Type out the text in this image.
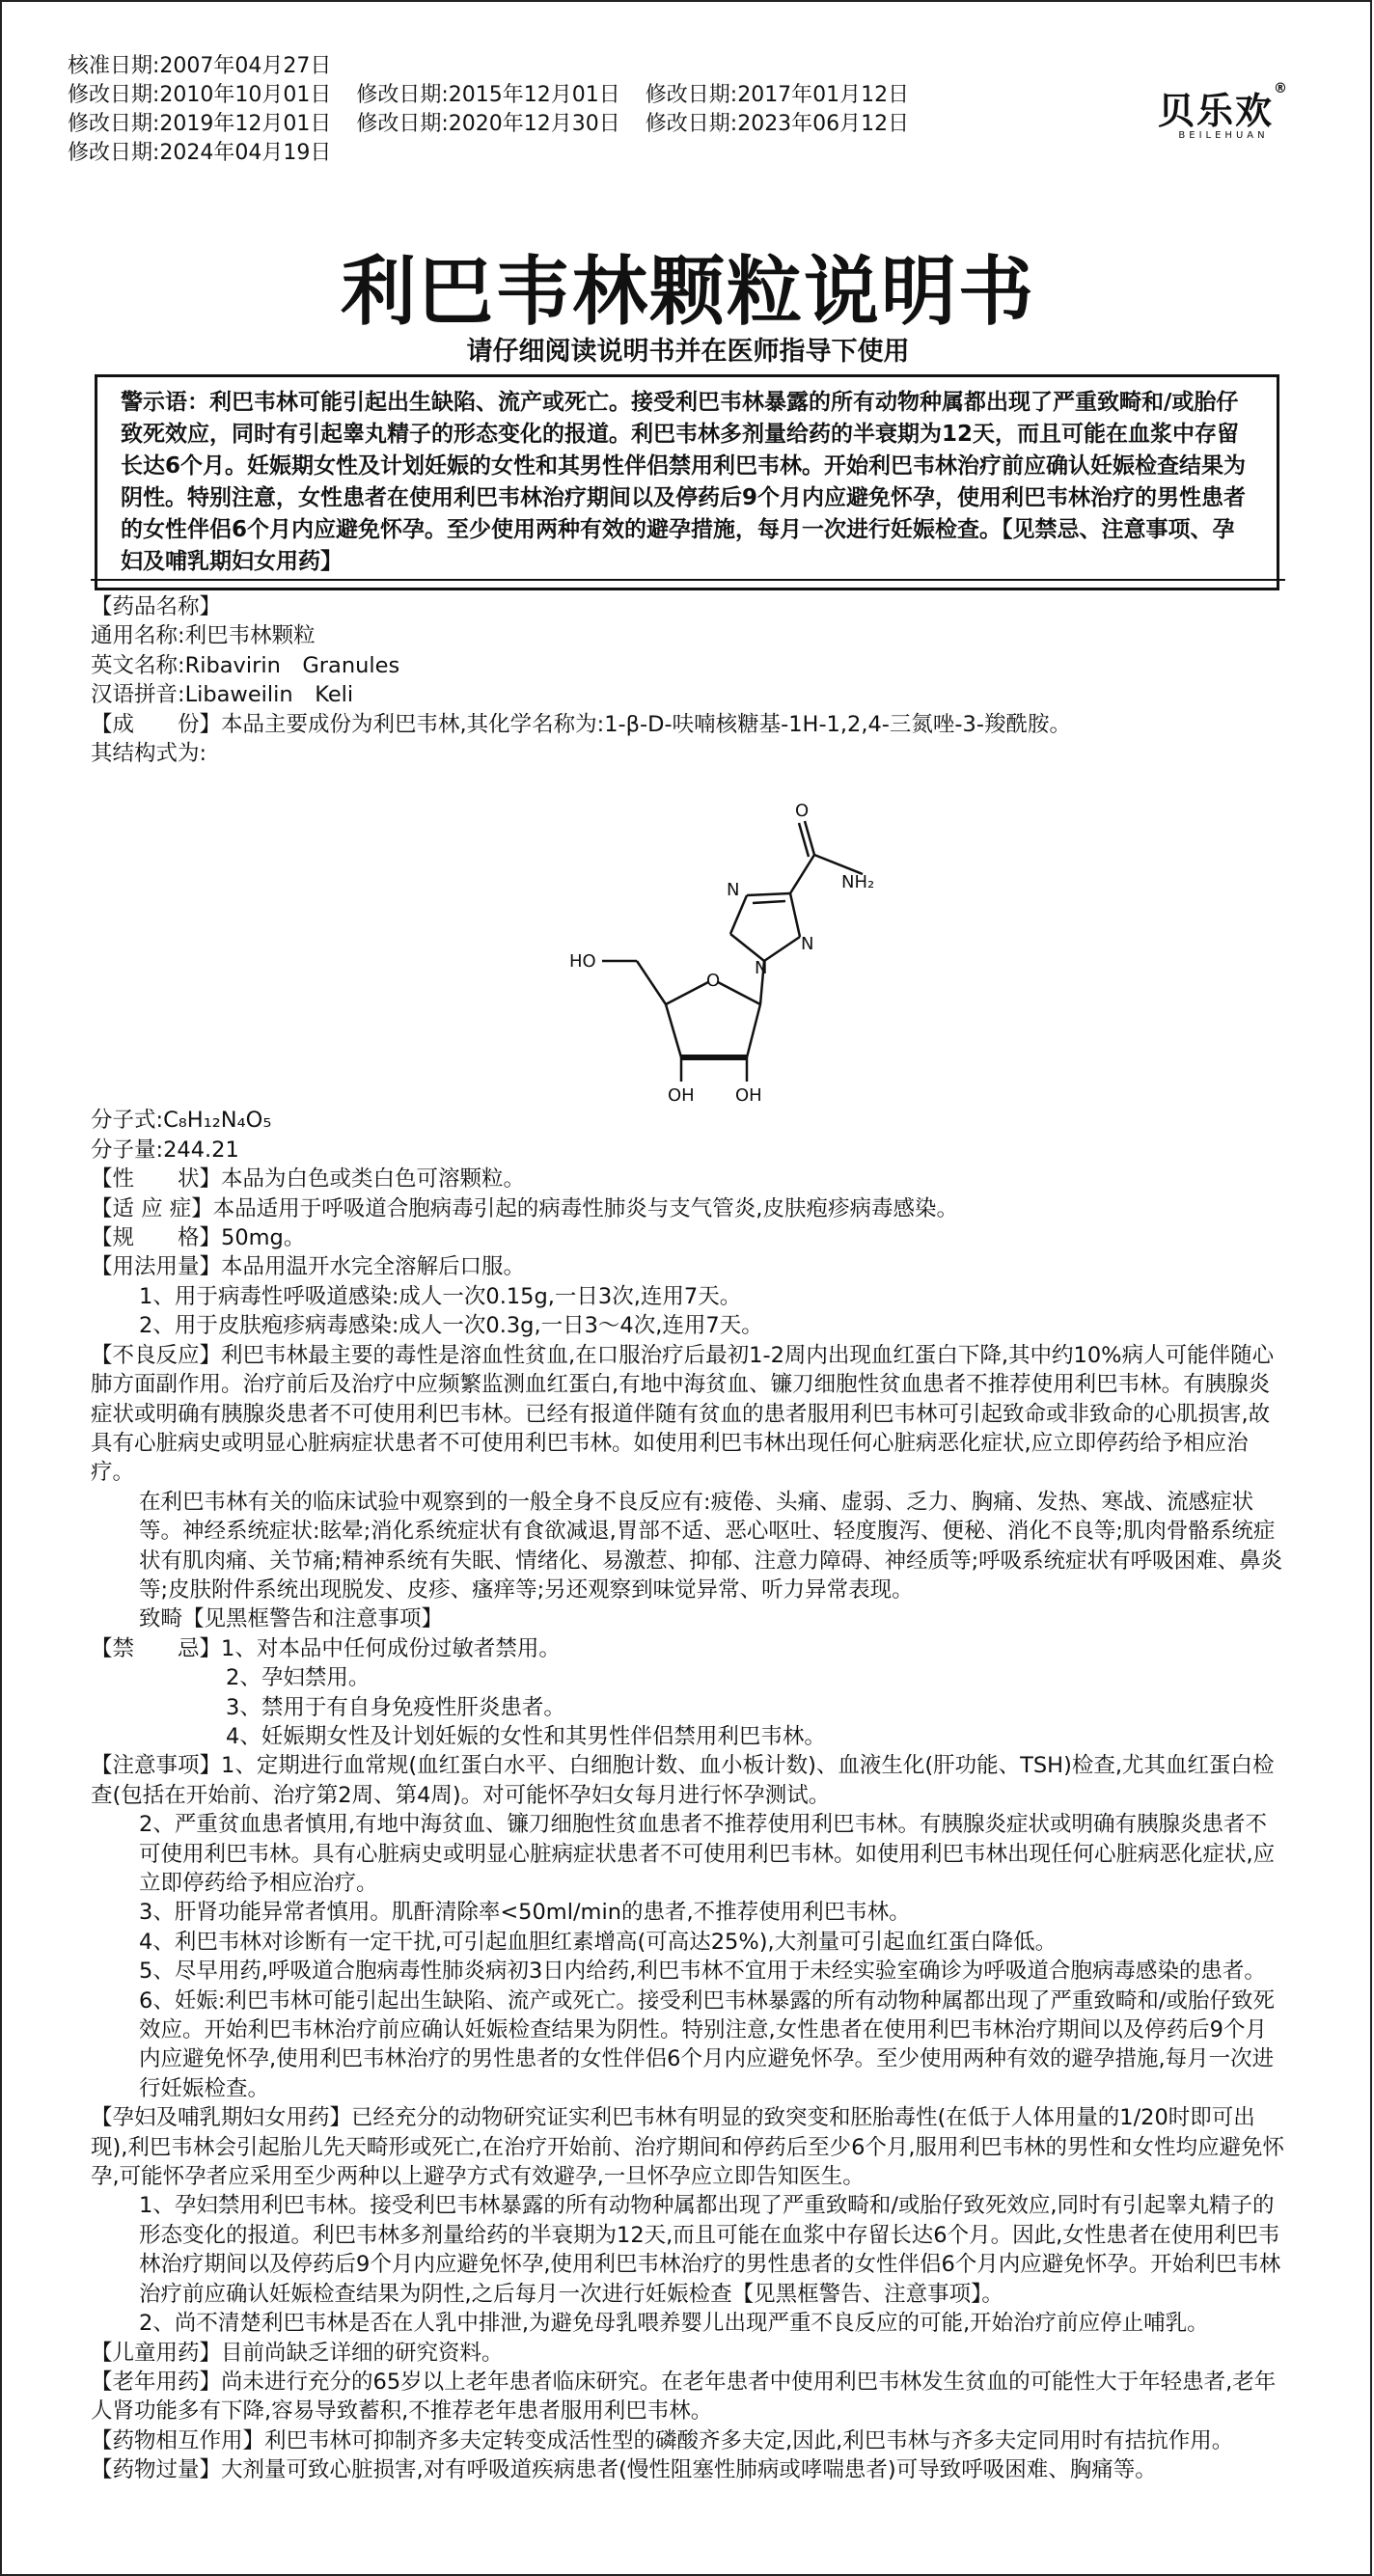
核准日期:2007年04月27日
修改日期:2010年10月01日 修改日期:2015年12月01日 修改日期:2017年01月12日
修改日期:2019年12月01日 修改日期:2020年12月30日 修改日期:2023年06月12日
修改日期:2024年04月19日
贝乐欢®
BEILEHUAN
利巴韦林颗粒说明书
请仔细阅读说明书并在医师指导下使用
警示语：利巴韦林可能引起出生缺陷、流产或死亡。接受利巴韦林暴露的所有动物种属都出现了严重致畸和/或胎仔致死效应，同时有引起睾丸精子的形态变化的报道。利巴韦林多剂量给药的半衰期为12天，而且可能在血浆中存留长达6个月。妊娠期女性及计划妊娠的女性和其男性伴侣禁用利巴韦林。开始利巴韦林治疗前应确认妊娠检查结果为阴性。特别注意，女性患者在使用利巴韦林治疗期间以及停药后9个月内应避免怀孕，使用利巴韦林治疗的男性患者的女性伴侣6个月内应避免怀孕。至少使用两种有效的避孕措施，每月一次进行妊娠检查。【见禁忌、注意事项、孕妇及哺乳期妇女用药】

【药品名称】

通用名称:利巴韦林颗粒

英文名称:Ribavirin　Granules

汉语拼音:Libaweilin　Keli

【成　　份】本品主要成份为利巴韦林,其化学名称为:1-β-D-呋喃核糖基-1H-1,2,4-三氮唑-3-羧酰胺。

其结构式为:

O
NH₂
N
N
N
HO
O
OH OH

分子式:C₈H₁₂N₄O₅

分子量:244.21

【性　　状】本品为白色或类白色可溶颗粒。

【适 应 症】本品适用于呼吸道合胞病毒引起的病毒性肺炎与支气管炎,皮肤疱疹病毒感染。

【规　　格】50mg。

【用法用量】本品用温开水完全溶解后口服。

1、用于病毒性呼吸道感染:成人一次0.15g,一日3次,连用7天。

2、用于皮肤疱疹病毒感染:成人一次0.3g,一日3～4次,连用7天。

【不良反应】利巴韦林最主要的毒性是溶血性贫血,在口服治疗后最初1-2周内出现血红蛋白下降,其中约10%病人可能伴随心肺方面副作用。治疗前后及治疗中应频繁监测血红蛋白,有地中海贫血、镰刀细胞性贫血患者不推荐使用利巴韦林。有胰腺炎症状或明确有胰腺炎患者不可使用利巴韦林。已经有报道伴随有贫血的患者服用利巴韦林可引起致命或非致命的心肌损害,故具有心脏病史或明显心脏病症状患者不可使用利巴韦林。如使用利巴韦林出现任何心脏病恶化症状,应立即停药给予相应治疗。

在利巴韦林有关的临床试验中观察到的一般全身不良反应有:疲倦、头痛、虚弱、乏力、胸痛、发热、寒战、流感症状等。神经系统症状:眩晕;消化系统症状有食欲减退,胃部不适、恶心呕吐、轻度腹泻、便秘、消化不良等;肌肉骨骼系统症状有肌肉痛、关节痛;精神系统有失眠、情绪化、易激惹、抑郁、注意力障碍、神经质等;呼吸系统症状有呼吸困难、鼻炎等;皮肤附件系统出现脱发、皮疹、瘙痒等;另还观察到味觉异常、听力异常表现。

致畸【见黑框警告和注意事项】

【禁　　忌】1、对本品中任何成份过敏者禁用。

2、孕妇禁用。

3、禁用于有自身免疫性肝炎患者。

4、妊娠期女性及计划妊娠的女性和其男性伴侣禁用利巴韦林。

【注意事项】1、定期进行血常规(血红蛋白水平、白细胞计数、血小板计数)、血液生化(肝功能、TSH)检查,尤其血红蛋白检查(包括在开始前、治疗第2周、第4周)。对可能怀孕妇女每月进行怀孕测试。

2、严重贫血患者慎用,有地中海贫血、镰刀细胞性贫血患者不推荐使用利巴韦林。有胰腺炎症状或明确有胰腺炎患者不可使用利巴韦林。具有心脏病史或明显心脏病症状患者不可使用利巴韦林。如使用利巴韦林出现任何心脏病恶化症状,应立即停药给予相应治疗。

3、肝肾功能异常者慎用。肌酐清除率<50ml/min的患者,不推荐使用利巴韦林。

4、利巴韦林对诊断有一定干扰,可引起血胆红素增高(可高达25%),大剂量可引起血红蛋白降低。

5、尽早用药,呼吸道合胞病毒性肺炎病初3日内给药,利巴韦林不宜用于未经实验室确诊为呼吸道合胞病毒感染的患者。

6、妊娠:利巴韦林可能引起出生缺陷、流产或死亡。接受利巴韦林暴露的所有动物种属都出现了严重致畸和/或胎仔致死效应。开始利巴韦林治疗前应确认妊娠检查结果为阴性。特别注意,女性患者在使用利巴韦林治疗期间以及停药后9个月内应避免怀孕,使用利巴韦林治疗的男性患者的女性伴侣6个月内应避免怀孕。至少使用两种有效的避孕措施,每月一次进行妊娠检查。

【孕妇及哺乳期妇女用药】已经充分的动物研究证实利巴韦林有明显的致突变和胚胎毒性(在低于人体用量的1/20时即可出现),利巴韦林会引起胎儿先天畸形或死亡,在治疗开始前、治疗期间和停药后至少6个月,服用利巴韦林的男性和女性均应避免怀孕,可能怀孕者应采用至少两种以上避孕方式有效避孕,一旦怀孕应立即告知医生。

1、孕妇禁用利巴韦林。接受利巴韦林暴露的所有动物种属都出现了严重致畸和/或胎仔致死效应,同时有引起睾丸精子的形态变化的报道。利巴韦林多剂量给药的半衰期为12天,而且可能在血浆中存留长达6个月。因此,女性患者在使用利巴韦林治疗期间以及停药后9个月内应避免怀孕,使用利巴韦林治疗的男性患者的女性伴侣6个月内应避免怀孕。开始利巴韦林治疗前应确认妊娠检查结果为阴性,之后每月一次进行妊娠检查【见黑框警告、注意事项】。

2、尚不清楚利巴韦林是否在人乳中排泄,为避免母乳喂养婴儿出现严重不良反应的可能,开始治疗前应停止哺乳。

【儿童用药】目前尚缺乏详细的研究资料。

【老年用药】尚未进行充分的65岁以上老年患者临床研究。在老年患者中使用利巴韦林发生贫血的可能性大于年轻患者,老年人肾功能多有下降,容易导致蓄积,不推荐老年患者服用利巴韦林。

【药物相互作用】利巴韦林可抑制齐多夫定转变成活性型的磷酸齐多夫定,因此,利巴韦林与齐多夫定同用时有拮抗作用。

【药物过量】大剂量可致心脏损害,对有呼吸道疾病患者(慢性阻塞性肺病或哮喘患者)可导致呼吸困难、胸痛等。
